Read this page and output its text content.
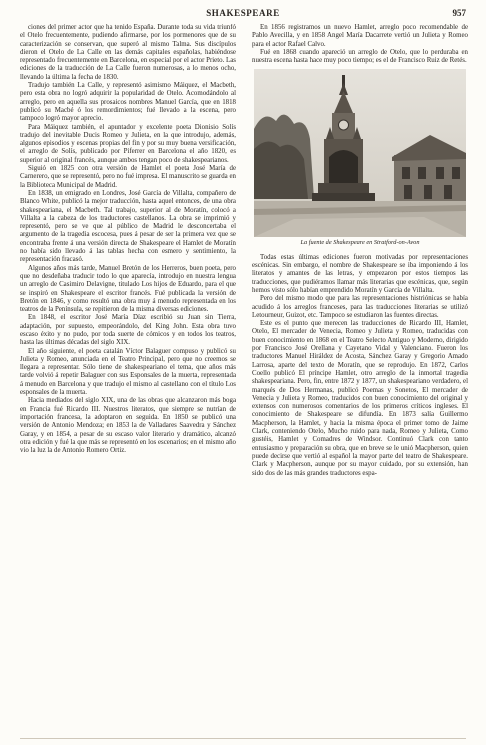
SHAKESPEARE	957

ciones del primer actor que ha tenido España. Durante toda su vida triunfó el Otelo frecuentemente, pudiendo afirmarse, por los pormenores que de su caracterización se conservan, que superó al mismo Talma. Sus discípulos dieron el Otelo de La Calle en las demás capitales españolas, habiéndose representado frecuentemente en Barcelona, en especial por el actor Prieto. Las ediciones de la traducción de La Calle fueron numerosas, a lo menos ocho, llevando la última la fecha de 1830.

Tradujo también La Calle, y representó asimismo Máiquez, el Macbeth, pero esta obra no logró adquirir la popularidad de Otelo. Acomodándolo al arreglo, pero en aquella sus prosaicos nombres Manuel García, que en 1818 publicó su Macbé ó los remordimientos; fué llevado a la escena, pero tampoco logró mayor aprecio.

Para Máiquez también, el apuntador y excelente poeta Dionisio Solís tradujo del inevitable Ducis Romeo y Julieta, en la que introdujo, además, algunos episodios y escenas propias del fin y por su muy buena versificación, el arreglo de Solís, publicado por Piferrer en Barcelona el año 1820, es superior al original francés, aunque ambos tengan poco de shakespearianos.

Siguió en 1825 con otra versión de Hamlet el poeta José María de Carnerero, que se representó, pero no fué impresa. El manuscrito se guarda en la Biblioteca Municipal de Madrid.

En 1838, un emigrado en Londres, José García de Villalta, compañero de Blanco White, publicó la mejor traducción, hasta aquel entonces, de una obra shakespeariana, el Macbeth. Tal trabajo, superior al de Moratín, colocó a Villalta a la cabeza de los traductores castellanos. La obra se imprimió y representó, pero se ve que al público de Madrid le desconcertaba el argumento de la tragedia escocesa, pues á pesar de ser la primera vez que se encontraba frente á una versión directa de Shakespeare el Hamlet de Moratín no había sido llevado á las tablas hecha con esmero y sentimiento, la representación fracasó.

Algunos años más tarde, Manuel Bretón de los Herreros, buen poeta, pero que no desdeñaba traducir todo lo que aparecía, introdujo en nuestra lengua un arreglo de Casimiro Delavigne, titulado Los hijos de Eduardo, para el que se inspiró en Shakespeare el escritor francés. Fué publicada la versión de Bretón en 1846, y como resultó una obra muy á menudo representada en los teatros de la Península, se repitieron de la misma diversas ediciones.

En 1848, el escritor José María Díaz escribió su Juan sin Tierra, adaptación, por supuesto, empeorándolo, del King John. Esta obra tuvo escaso éxito y no pudo, por toda suerte de cómicos y en todos los teatros, hasta las últimas décadas del siglo XIX.

El año siguiente, el poeta catalán Víctor Balaguer compuso y publicó su Julieta y Romeo, anunciada en el Teatro Principal, pero que no creemos se llegara a representar. Sólo tiene de shakespeariano el tema, que años más tarde volvió á repetir Balaguer con sus Esponsales de la muerta, representada á menudo en Barcelona y que tradujo el mismo al castellano con el título Los esponsales de la muerta.

Hacia mediados del siglo XIX, una de las obras que alcanzaron más boga en Francia fué Ricardo III. Nuestros literatos, que siempre se nutrían de importación francesa, la adoptaron en seguida. En 1850 se publicó una versión de Antonio Mendoza; en 1853 la de Valladares Saavedra y Sánchez Garay, y en 1854, a pesar de su escaso valor literario y dramático, alcanzó otra edición y fué la que más se representó en los escenarios; en el mismo año vio la luz la de Antonio Romero Ortiz.

En 1856 registramos un nuevo Hamlet, arreglo poco recomendable de Pablo Avecilla, y en 1858 Angel María Dacarrete vertió un Julieta y Romeo para el actor Rafael Calvo.

Fué en 1868 cuando apareció un arreglo de Otelo, que lo perduraba en nuestra escena hasta hace muy poco tiempo; es el de Francisco Ruiz de Retés.

La fuente de Shakespeare en Stratford-on-Avon

Todas estas últimas ediciones fueron motivadas por representaciones escénicas. Sin embargo, el nombre de Shakespeare se iba imponiendo á los literatos y amantes de las letras, y empezaron por estos tiempos las traducciones, que pudiéramos llamar más literarias que escénicas, que, según hemos visto sólo habían emprendido Moratín y García de Villalta.

Pero del mismo modo que para las representaciones histriónicas se había acudido á los arreglos franceses, para las traducciones literarias se utilizó Letourneur, Guizot, etc. Tampoco se estudiaron las fuentes directas.

Este es el punto que merecen las traducciones de Ricardo III, Hamlet, Otelo, El mercader de Venecia, Romeo y Julieta y Romeo, traducidas con buen conocimiento en 1868 en el Teatro Selecto Antiguo y Moderno, dirigido por Francisco José Orellana y Cayetano Vidal y Valenciano. Fueron los traductores Manuel Hiráldez de Acosta, Sánchez Garay y Gregorio Amado Larrosa, aparte del texto de Moratín, que se reprodujo. En 1872, Carlos Coello publicó El príncipe Hamlet, otro arreglo de la inmortal tragedia shakespeariana. Pero, fin, entre 1872 y 1877, un shakespeariano verdadero, el marqués de Dos Hermanas, publicó Poemas y Sonetos, El mercader de Venecia y Julieta y Romeo, traducidos con buen conocimiento del original y extensos con numerosos comentarios de los primeros críticos ingleses. El conocimiento de Shakespeare se difundía. En 1873 salía Guillermo Macpherson, la Hamlet, y hacia la misma época el primer tomo de Jaime Clark, conteniendo Otelo, Mucho ruido para nada, Romeo y Julieta, Como gustéis, Hamlet y Comadres de Windsor. Continuó Clark con tanto entusiasmo y preparación su obra, que en breve se le unió Macpherson, quien puede decirse que vertió al español la mayor parte del teatro de Shakespeare. Clark y Macpherson, aunque por su mayor cuidado, por su extensión, han sido dos de las más grandes traductores espa-
